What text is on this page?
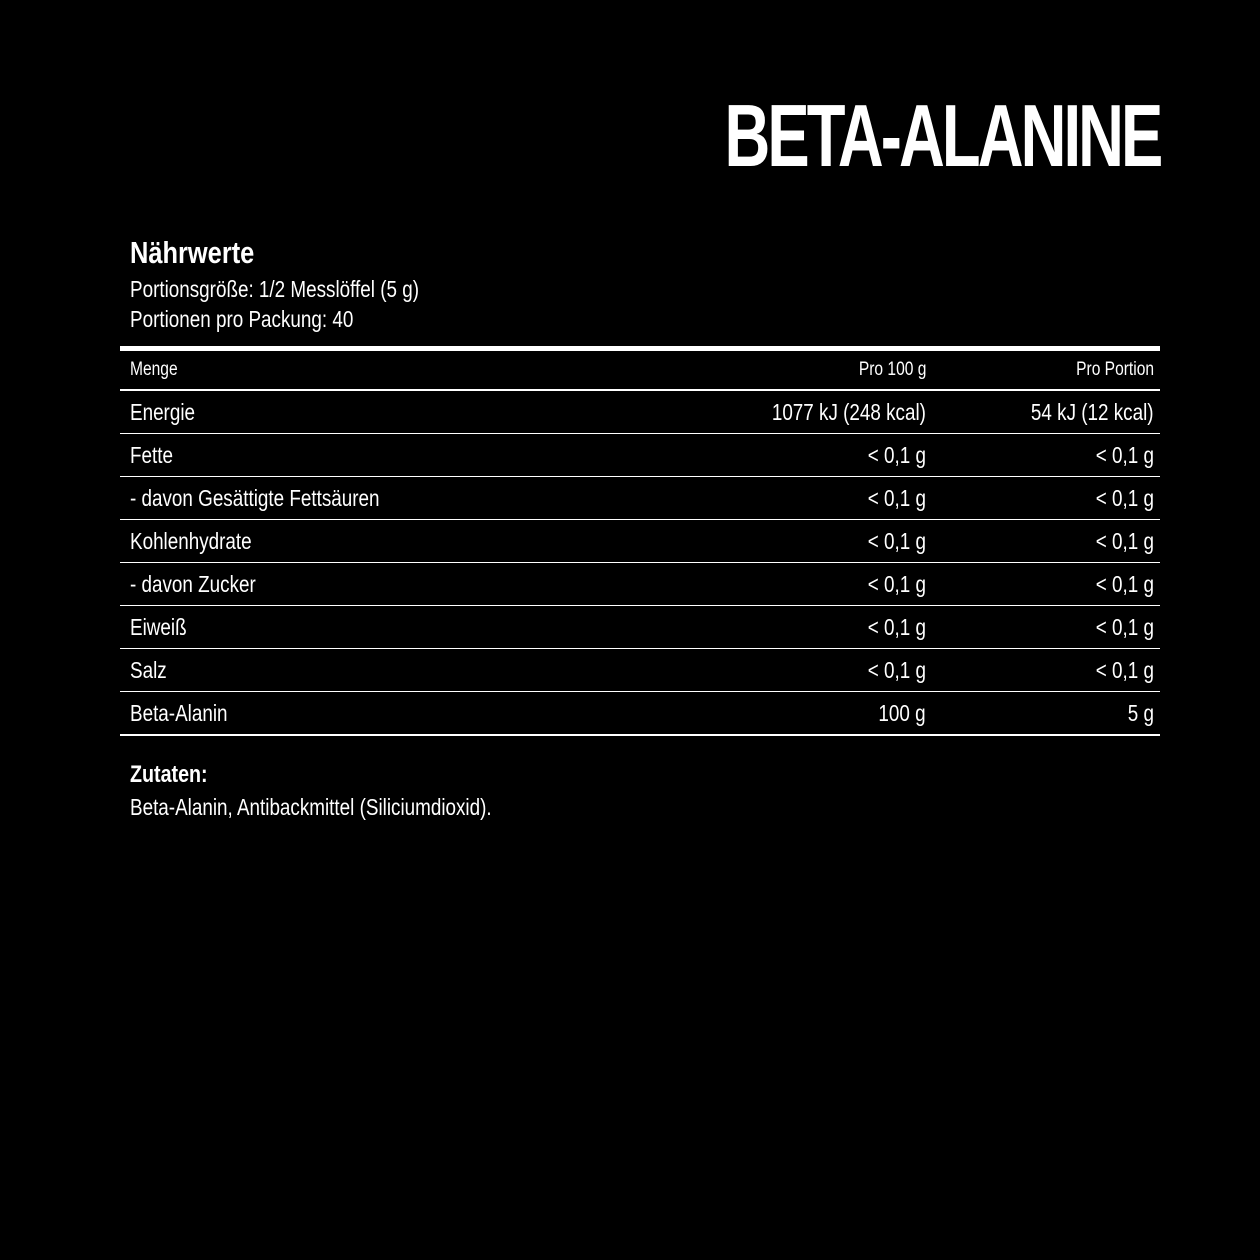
BETA-ALANINE
Nährwerte

Portionsgröße: 1/2 Messlöffel (5 g)

Portionen pro Packung: 40

Menge	Pro 100 g	Pro Portion
Energie	1077 kJ (248 kcal)	54 kJ (12 kcal)
Fette	< 0,1 g	< 0,1 g
- davon Gesättigte Fettsäuren	< 0,1 g	< 0,1 g
Kohlenhydrate	< 0,1 g	< 0,1 g
- davon Zucker	< 0,1 g	< 0,1 g
Eiweiß	< 0,1 g	< 0,1 g
Salz	< 0,1 g	< 0,1 g
Beta-Alanin	100 g	5 g

Zutaten:

Beta-Alanin, Antibackmittel (Siliciumdioxid).
